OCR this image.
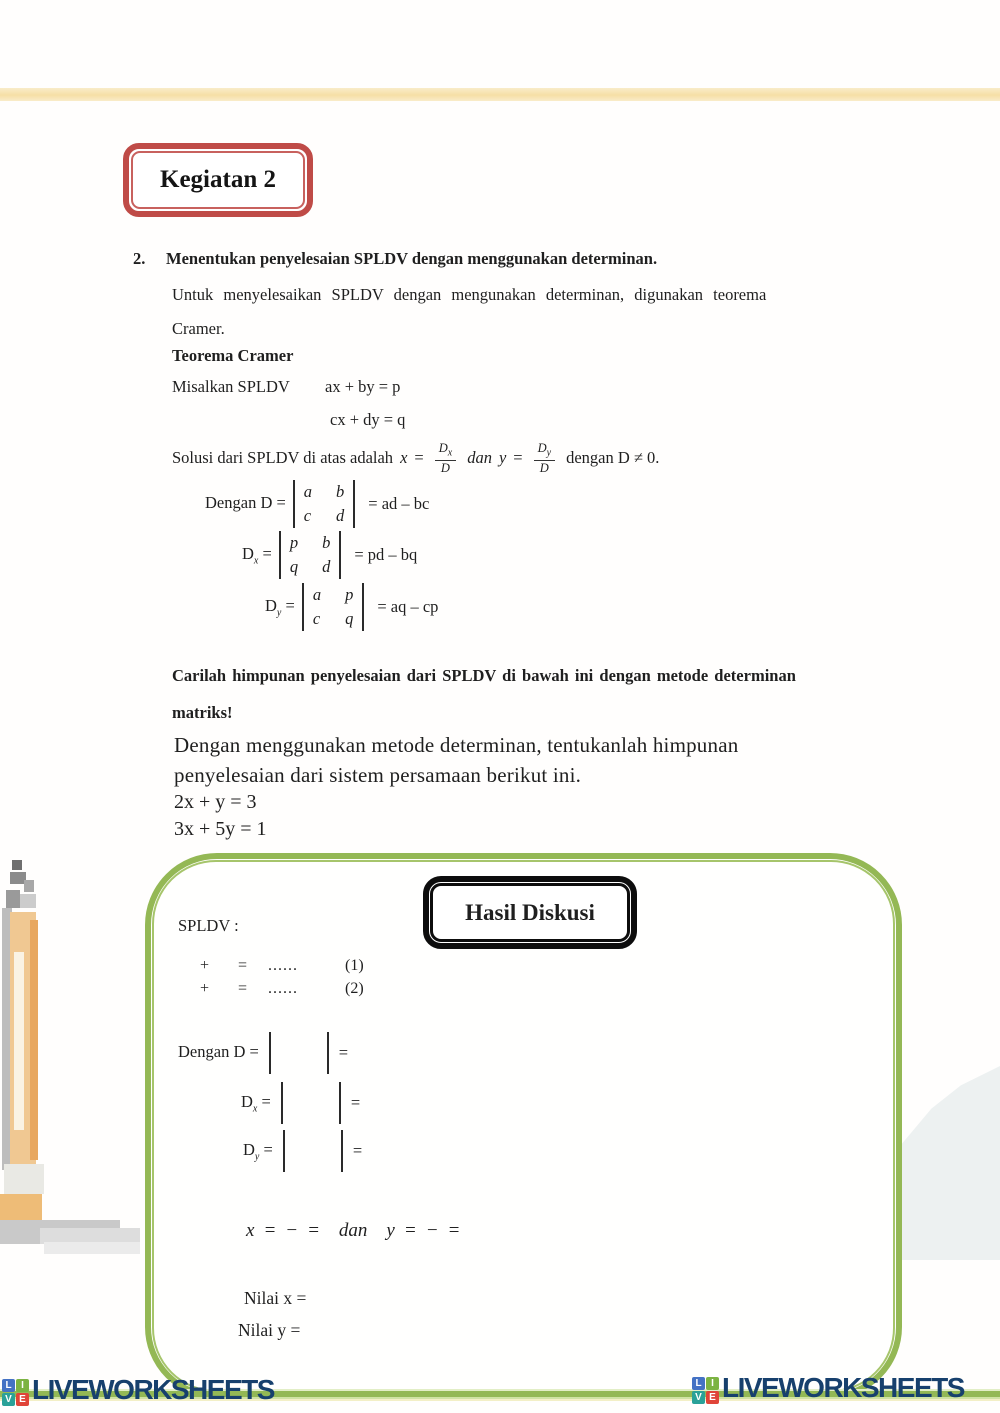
Kegiatan 2
2. Menentukan penyelesaian SPLDV dengan menggunakan determinan.
Untuk menyelesaikan SPLDV dengan mengunakan determinan, digunakan teorema
Cramer.
Teorema Cramer
Misalkan SPLDV ax + by = p
cx + dy = q
Solusi dari SPLDV di atas adalah $x = \frac{D_x}{D}$ dan $y = \frac{D_y}{D}$ dengan D ≠ 0.
Dengan D =
a b
c d
= ad – bc
$D_x$ =
p b
q d
= pd – bq
$D_y$ =
a p
c q
= aq – cp
Carilah himpunan penyelesaian dari SPLDV di bawah ini dengan metode determinan
matriks!
Dengan menggunakan metode determinan, tentukanlah himpunan
penyelesaian dari sistem persamaan berikut ini.
2x + y = 3
3x + 5y = 1
Hasil Diskusi
SPLDV :
+	=	......	(1)
+	=	......	(2)
Dengan D =	=
$D_x$ =	=
$D_y$ =	=
x = − = dan y = − =
Nilai x =
Nilai y =
L I
V E LIVEWORKSHEETS	L I
V E LIVEWORKSHEETS
